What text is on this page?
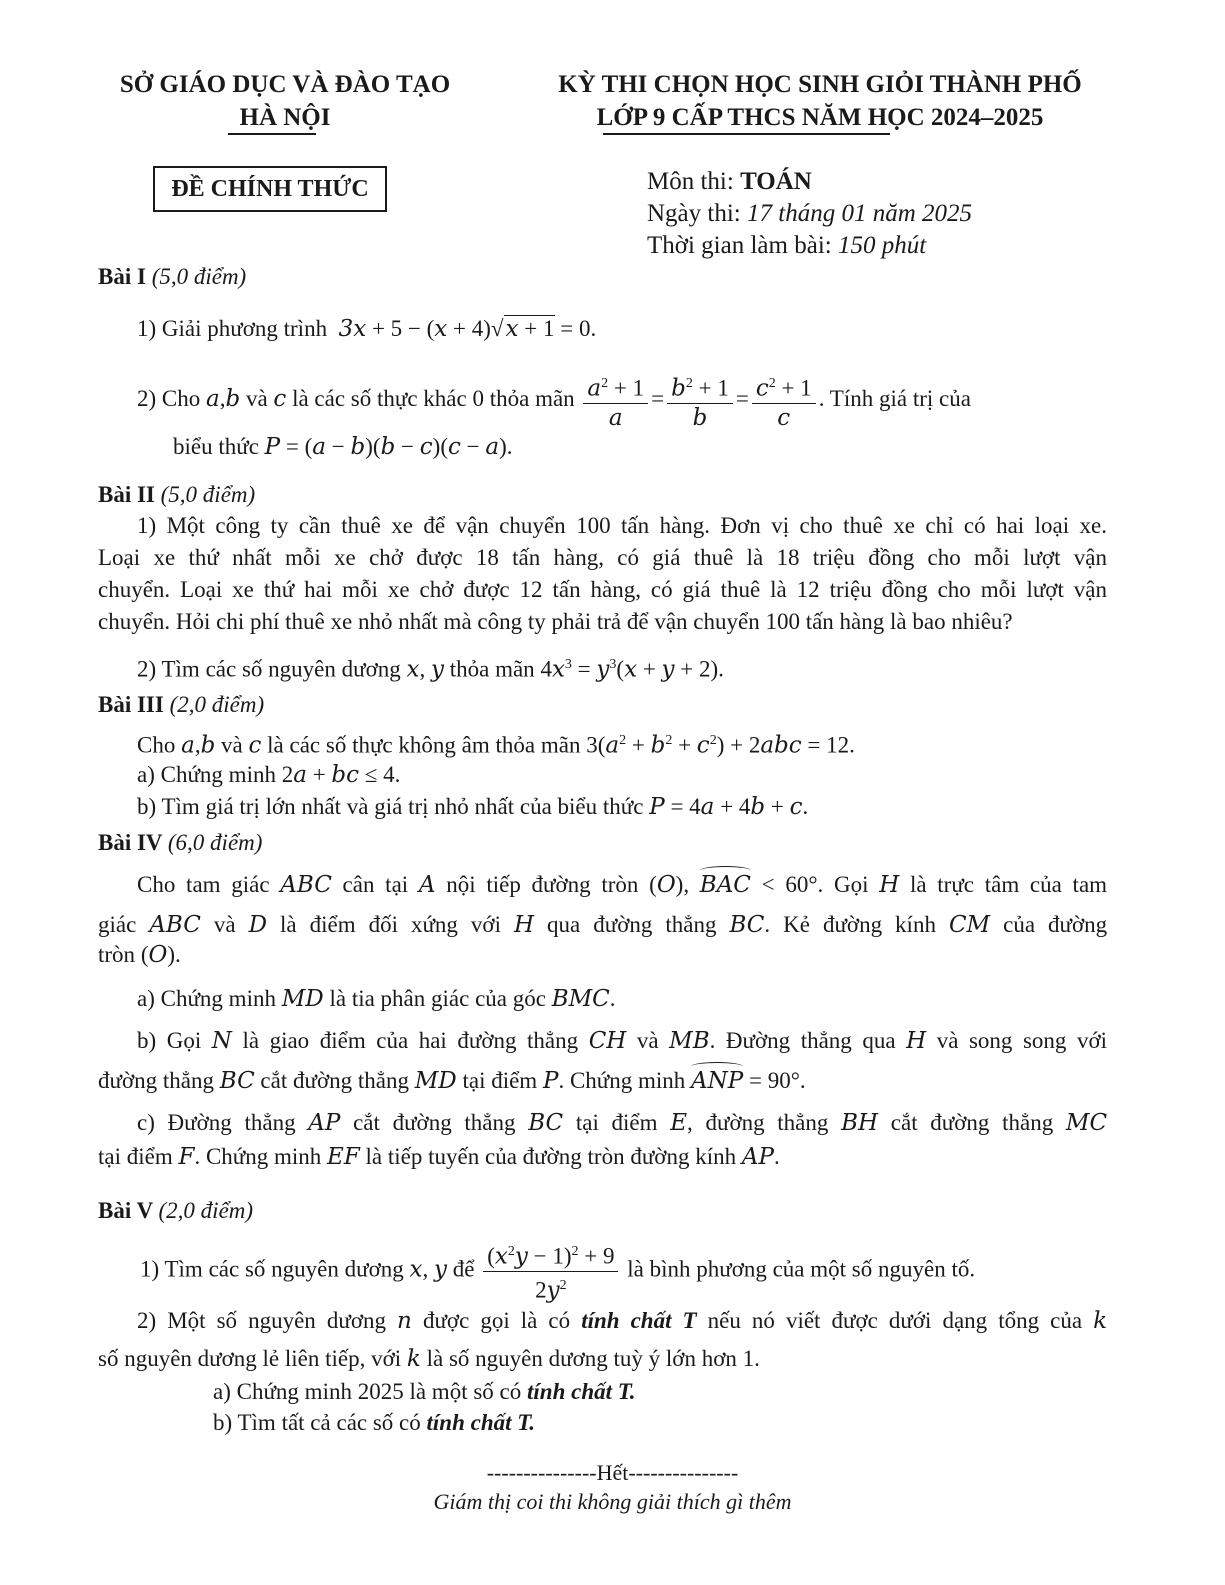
SỞ GIÁO DỤC VÀ ĐÀO TẠO
HÀ NỘI
KỲ THI CHỌN HỌC SINH GIỎI THÀNH PHỐ
LỚP 9 CẤP THCS NĂM HỌC 2024–2025
ĐỀ CHÍNH THỨC	Môn thi: TOÁN
Ngày thi: 17 tháng 01 năm 2025
Thời gian làm bài: 150 phút
Bài I (5,0 điểm)
1) Giải phương trình 3x + 5 − (x + 4)√x + 1 = 0.
2) Cho a,b và c là các số thực khác 0 thỏa mãn $\frac{a^2 + 1}{a} = \frac{b^2 + 1}{b} = \frac{c^2 + 1}{c}$ . Tính giá trị của
biểu thức P = (a − b)(b − c)(c − a).
Bài II (5,0 điểm)
1) Một công ty cần thuê xe để vận chuyển 100 tấn hàng. Đơn vị cho thuê xe chỉ có hai loại xe.
Loại xe thứ nhất mỗi xe chở được 18 tấn hàng, có giá thuê là 18 triệu đồng cho mỗi lượt vận
chuyển. Loại xe thứ hai mỗi xe chở được 12 tấn hàng, có giá thuê là 12 triệu đồng cho mỗi lượt vận
chuyển. Hỏi chi phí thuê xe nhỏ nhất mà công ty phải trả để vận chuyển 100 tấn hàng là bao nhiêu?
2) Tìm các số nguyên dương x, y thỏa mãn $4x^3 = y^3(x + y + 2)$.
Bài III (2,0 điểm)
Cho a,b và c là các số thực không âm thỏa mãn $3(a^2 + b^2 + c^2) + 2abc = 12$.
a) Chứng minh 2a + bc ≤ 4.
b) Tìm giá trị lớn nhất và giá trị nhỏ nhất của biểu thức P = 4a + 4b + c.
Bài IV (6,0 điểm)
Cho tam giác ABC cân tại A nội tiếp đường tròn (O), BAC < 60°. Gọi H là trực tâm của tam
giác ABC và D là điểm đối xứng với H qua đường thẳng BC. Kẻ đường kính CM của đường
tròn (O).
a) Chứng minh MD là tia phân giác của góc BMC.
b) Gọi N là giao điểm của hai đường thẳng CH và MB. Đường thẳng qua H và song song với
đường thẳng BC cắt đường thẳng MD tại điểm P. Chứng minh ANP = 90°.
c) Đường thẳng AP cắt đường thẳng BC tại điểm E, đường thẳng BH cắt đường thẳng MC
tại điểm F. Chứng minh EF là tiếp tuyến của đường tròn đường kính AP.
Bài V (2,0 điểm)
1) Tìm các số nguyên dương x, y để $\frac{(x^2y - 1)^2 + 9}{2y^2}$ là bình phương của một số nguyên tố.
2) Một số nguyên dương n được gọi là có tính chất T nếu nó viết được dưới dạng tổng của k
số nguyên dương lẻ liên tiếp, với k là số nguyên dương tuỳ ý lớn hơn 1.
a) Chứng minh 2025 là một số có tính chất T.
b) Tìm tất cả các số có tính chất T.
---------------Hết---------------
Giám thị coi thi không giải thích gì thêm
